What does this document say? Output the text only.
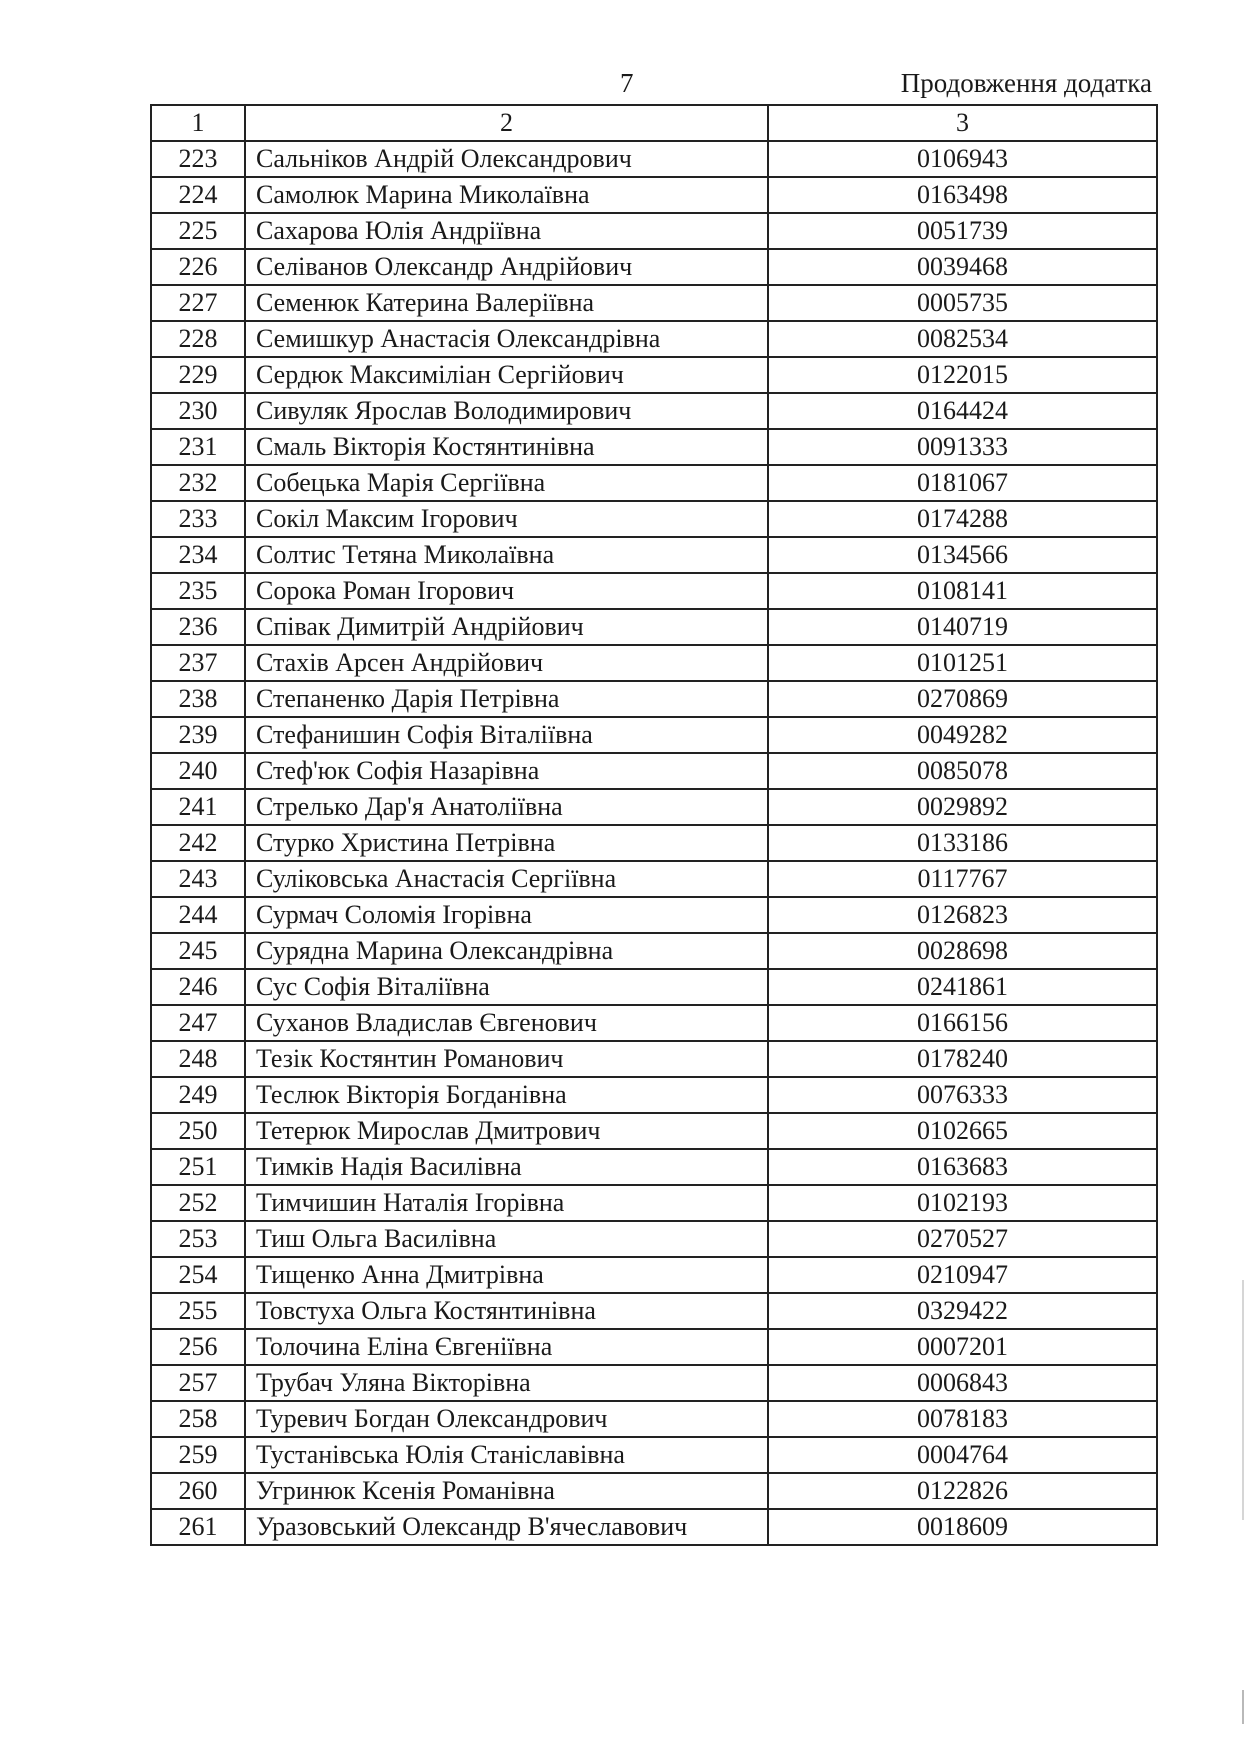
7	Продовження додатка
1	2	3
223	Сальніков Андрій Олександрович	0106943
224	Самолюк Марина Миколаївна	0163498
225	Сахарова Юлія Андріївна	0051739
226	Селіванов Олександр Андрійович	0039468
227	Семенюк Катерина Валеріївна	0005735
228	Семишкур Анастасія Олександрівна	0082534
229	Сердюк Максиміліан Сергійович	0122015
230	Сивуляк Ярослав Володимирович	0164424
231	Смаль Вікторія Костянтинівна	0091333
232	Собецька Марія Сергіївна	0181067
233	Сокіл Максим Ігорович	0174288
234	Солтис Тетяна Миколаївна	0134566
235	Сорока Роман Ігорович	0108141
236	Співак Димитрій Андрійович	0140719
237	Стахів Арсен Андрійович	0101251
238	Степаненко Дарія Петрівна	0270869
239	Стефанишин Софія Віталіївна	0049282
240	Стеф'юк Софія Назарівна	0085078
241	Стрелько Дар'я Анатоліївна	0029892
242	Стурко Христина Петрівна	0133186
243	Суліковська Анастасія Сергіївна	0117767
244	Сурмач Соломія Ігорівна	0126823
245	Сурядна Марина Олександрівна	0028698
246	Сус Софія Віталіївна	0241861
247	Суханов Владислав Євгенович	0166156
248	Тезік Костянтин Романович	0178240
249	Теслюк Вікторія Богданівна	0076333
250	Тетерюк Мирослав Дмитрович	0102665
251	Тимків Надія Василівна	0163683
252	Тимчишин Наталія Ігорівна	0102193
253	Тиш Ольга Василівна	0270527
254	Тищенко Анна Дмитрівна	0210947
255	Товстуха Ольга Костянтинівна	0329422
256	Толочина Еліна Євгеніївна	0007201
257	Трубач Уляна Вікторівна	0006843
258	Туревич Богдан Олександрович	0078183
259	Тустанівська Юлія Станіславівна	0004764
260	Угринюк Ксенія Романівна	0122826
261	Уразовський Олександр В'ячеславович	0018609
